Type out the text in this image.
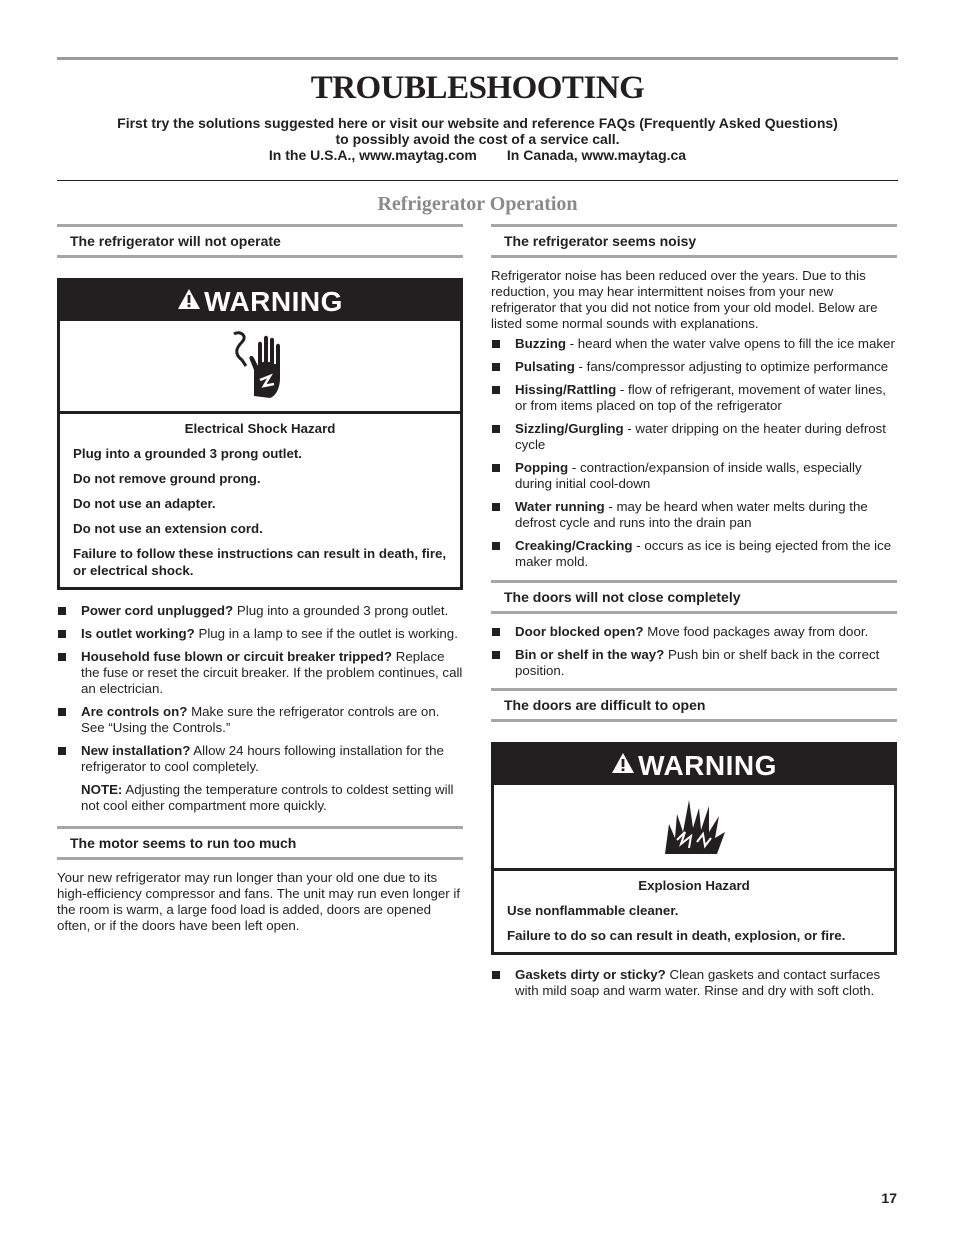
TROUBLESHOOTING
First try the solutions suggested here or visit our website and reference FAQs (Frequently Asked Questions)
to possibly avoid the cost of a service call.
In the U.S.A., www.maytag.com In Canada, www.maytag.ca
Refrigerator Operation
The refrigerator will not operate
WARNING
Electrical Shock Hazard

Plug into a grounded 3 prong outlet.

Do not remove ground prong.

Do not use an adapter.

Do not use an extension cord.

Failure to follow these instructions can result in death, fire, or electrical shock.

Power cord unplugged? Plug into a grounded 3 prong outlet.
Is outlet working? Plug in a lamp to see if the outlet is working.
Household fuse blown or circuit breaker tripped? Replace the fuse or reset the circuit breaker. If the problem continues, call an electrician.
Are controls on? Make sure the refrigerator controls are on. See “Using the Controls.”
New installation? Allow 24 hours following installation for the refrigerator to cool completely.

NOTE: Adjusting the temperature controls to coldest setting will not cool either compartment more quickly.

The motor seems to run too much

Your new refrigerator may run longer than your old one due to its high-efficiency compressor and fans. The unit may run even longer if the room is warm, a large food load is added, doors are opened often, or if the doors have been left open.

The refrigerator seems noisy

Refrigerator noise has been reduced over the years. Due to this reduction, you may hear intermittent noises from your new refrigerator that you did not notice from your old model. Below are listed some normal sounds with explanations.

Buzzing - heard when the water valve opens to fill the ice maker
Pulsating - fans/compressor adjusting to optimize performance
Hissing/Rattling - flow of refrigerant, movement of water lines, or from items placed on top of the refrigerator
Sizzling/Gurgling - water dripping on the heater during defrost cycle
Popping - contraction/expansion of inside walls, especially during initial cool-down
Water running - may be heard when water melts during the defrost cycle and runs into the drain pan
Creaking/Cracking - occurs as ice is being ejected from the ice maker mold.
The doors will not close completely
Door blocked open? Move food packages away from door.
Bin or shelf in the way? Push bin or shelf back in the correct position.
The doors are difficult to open
WARNING
Explosion Hazard

Use nonflammable cleaner.

Failure to do so can result in death, explosion, or fire.

Gaskets dirty or sticky? Clean gaskets and contact surfaces with mild soap and warm water. Rinse and dry with soft cloth.
17
